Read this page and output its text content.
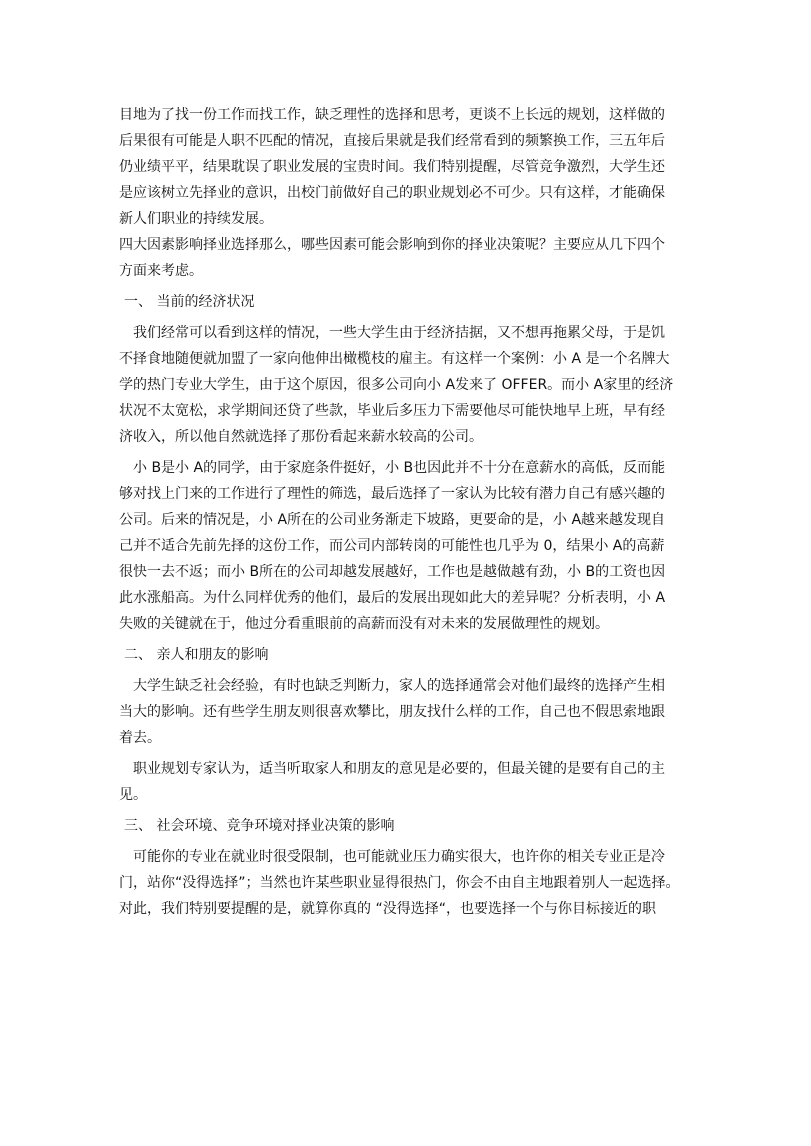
目地为了找一份工作而找工作，缺乏理性的选择和思考，更谈不上长远的规划，这样做的
后果很有可能是人职不匹配的情况，直接后果就是我们经常看到的频繁换工作，三五年后
仍业绩平平，结果耽误了职业发展的宝贵时间。我们特别提醒，尽管竞争激烈，大学生还
是应该树立先择业的意识，出校门前做好自己的职业规划必不可少。只有这样，才能确保
新人们职业的持续发展。
四大因素影响择业选择那么，哪些因素可能会影响到你的择业决策呢？主要应从几下四个
方面来考虑。
一、 当前的经济状况
我们经常可以看到这样的情况，一些大学生由于经济拮据，又不想再拖累父母，于是饥
不择食地随便就加盟了一家向他伸出橄榄枝的雇主。有这样一个案例：小 A 是一个名牌大
学的热门专业大学生，由于这个原因，很多公司向小 A发来了 OFFER。而小 A家里的经济
状况不太宽松，求学期间还贷了些款，毕业后多压力下需要他尽可能快地早上班，早有经
济收入，所以他自然就选择了那份看起来薪水较高的公司。
小 B是小 A的同学，由于家庭条件挺好，小 B也因此并不十分在意薪水的高低，反而能
够对找上门来的工作进行了理性的筛选，最后选择了一家认为比较有潜力自己有感兴趣的
公司。后来的情况是，小 A所在的公司业务渐走下坡路，更要命的是，小 A越来越发现自
己并不适合先前先择的这份工作，而公司内部转岗的可能性也几乎为 0，结果小 A的高薪
很快一去不返；而小 B所在的公司却越发展越好，工作也是越做越有劲，小 B的工资也因
此水涨船高。为什么同样优秀的他们，最后的发展出现如此大的差异呢？分析表明，小 A
失败的关键就在于，他过分看重眼前的高薪而没有对未来的发展做理性的规划。
二、 亲人和朋友的影响
大学生缺乏社会经验，有时也缺乏判断力，家人的选择通常会对他们最终的选择产生相
当大的影响。还有些学生朋友则很喜欢攀比，朋友找什么样的工作，自己也不假思索地跟
着去。
职业规划专家认为，适当听取家人和朋友的意见是必要的，但最关键的是要有自己的主
见。
三、 社会环境、竞争环境对择业决策的影响
可能你的专业在就业时很受限制，也可能就业压力确实很大，也许你的相关专业正是冷
门，站你“没得选择”；当然也许某些职业显得很热门，你会不由自主地跟着别人一起选择。
对此，我们特别要提醒的是，就算你真的 “没得选择“，也要选择一个与你目标接近的职
